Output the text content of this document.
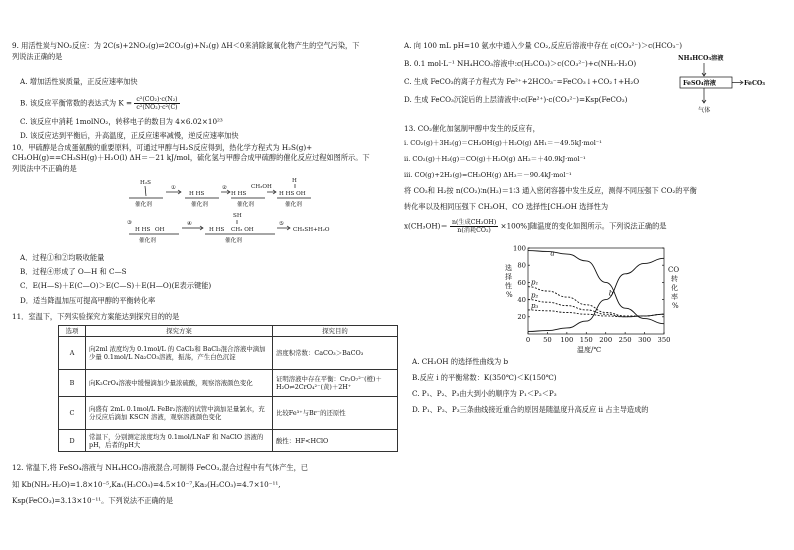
9. 用活性炭与NO₂反应：为 2C(s)+2NO₂(g)⇌2CO₂(g)+N₂(g) ΔH＜0来消除氮氧化物产生的空气污染，下
列说法正确的是
A. 增加活性炭质量，正反应速率加快
B. 该反应平衡常数的表达式为 $K = \frac{\text{c²(CO₂)·c(N₂)}}{\text{c²(NO₂)·c²(C)}}$
C. 该反应中消耗 1molNO₂，转移电子的数目为 4×6.02×10²³
D. 该反应达到平衡后，升高温度，正反应速率减慢，逆反应速率加快
10．甲硫醇是合成蛋氨酸的重要原料，可通过甲醇与H₂S反应得到，热化学方程式为 H₂S(g)+
CH₃OH(g)==CH₃SH(g)＋H₂O(l) ΔH＝－21 kJ/mol，硫化氢与甲醇合成甲硫醇的催化反应过程如图所示。下
列说法中不正确的是
H₂S
催化剂
①
H HS
催化剂
②
H HS
CH₃OH
催化剂
H
H HS OH
催化剂
③
H HS OH
催化剂
④
SH
H HS CH₃ OH
催化剂
⑤
CH₃SH+H₂O
A．过程①和②均吸收能量
B．过程④形成了 O—H 和 C—S
C．E(H—S)＋E(C—O)＞E(C—S)＋E(H—O)(E表示键能)
D．适当降温加压可提高甲醇的平衡转化率
11．室温下，下列实验探究方案能达到探究目的的是
选项	探究方案	探究目的
A	向2ml 浓度均为 0.1mol/L 的 CaCl₂和 BaCl₂混合溶液中滴加少量 0.1mol/L Na₂CO₃溶液，振荡，产生白色沉淀	溶度积常数：CaCO₃＞BaCO₃
B	向K₂CrO₄溶液中缓慢滴加少量浓硫酸，观察溶液颜色变化	证明溶液中存在平衡：Cr₂O₇²⁻(橙)＋H₂O⇌2CrO₄²⁻(黄)＋2H⁺
C	向盛有 2mL 0.1mol/L FeBr₂溶液的试管中滴加足量氯水，充分反应后滴加 KSCN 溶液，观察溶液颜色变化	比较Fe³⁺与Br⁻的还原性
D	常温下，分别测定浓度均为 0.1mol/LNaF 和 NaClO 溶液的pH，后者的pH大	酸性：HF<HClO
12. 常温下,将 FeSO₄溶液与 NH₄HCO₃溶液混合,可制得 FeCO₃,混合过程中有气体产生，已
知 Kb(NH₃·H₂O)=1.8×10⁻⁵,Ka₁(H₂CO₃)=4.5×10⁻⁷,Ka₂(H₂CO₃)=4.7×10⁻¹¹,
Ksp(FeCO₃)=3.13×10⁻¹¹。下列说法不正确的是
A. 向 100 mL pH=10 氨水中通入少量 CO₂,反应后溶液中存在 c(CO₃²⁻)＞c(HCO₃⁻)
B. 0.1 mol·L⁻¹ NH₄HCO₃溶液中:c(H₂CO₃)＞c(CO₃²⁻)+c(NH₃·H₂O)
C. 生成 FeCO₃的离子方程式为 Fe²⁺+2HCO₃⁻=FeCO₃↓+CO₂↑+H₂O
D. 生成 FeCO₃沉淀后的上层清液中:c(Fe²⁺)·c(CO₃²⁻)=Ksp(FeCO₃)
NH₄HCO₃溶液
FeSO₄溶液	FeCO₃
气体
13. CO₂催化加氢制甲醇中发生的反应有，
i. CO₂(g)＋3H₂(g)＝CH₃OH(g)＋H₂O(g) ΔH₁＝－49.5kJ·mol⁻¹
ii. CO₂(g)＋H₂(g)＝CO(g)＋H₂O(g) ΔH₂＝＋40.9kJ·mol⁻¹
iii. CO(g)+2H₂(g)=CH₃OH(g) ΔH₃＝－90.4kJ·mol⁻¹
将 CO₂和 H₂按 n(CO₂)∶n(H₂)＝1∶3 通入密闭容器中发生反应，测得不同压强下 CO₂的平衡
转化率以及相同压强下 CH₃OH、CO 选择性[CH₃OH 选择性为
$x(CH_3OH)= \frac{\text{n(生成CH₃OH)}}{\text{n(消耗CO₂)}} \times 100\%$]随温度的变化如图所示。下列说法正确的是
0 50 100 150 200 250 300 350
20
40
60
80
100
a
b
p₁
p₂
p₃
选
择
性
%
CO
转
化
率
%
温度/℃
A. CH₃OH 的选择性曲线为 b
B.反应 i 的平衡常数：K(350℃)＜K(150℃)
C. P₁、P₂、P₃由大到小的顺序为 P₁＜P₂＜P₃
D. P₁、P₂、P₃三条曲线接近重合的原因是随温度升高反应 ii 占主导造成的
